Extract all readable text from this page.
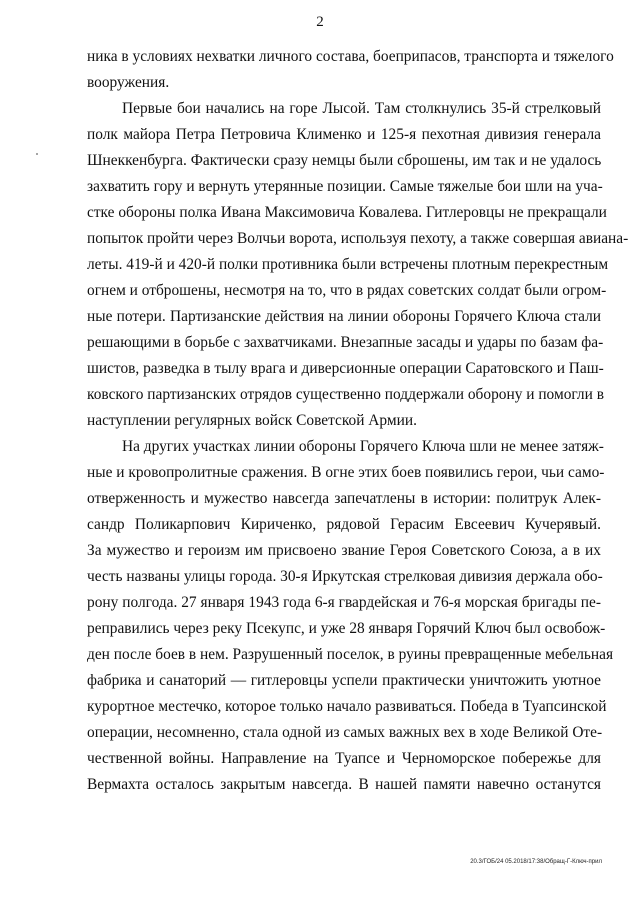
2
ника в условиях нехватки личного состава, боеприпасов, транспорта и тяжелого
вооружения.
Первые бои начались на горе Лысой. Там столкнулись 35-й стрелковый
полк майора Петра Петровича Клименко и 125-я пехотная дивизия генерала
Шнеккенбурга. Фактически сразу немцы были сброшены, им так и не удалось
захватить гору и вернуть утерянные позиции. Самые тяжелые бои шли на уча-
стке обороны полка Ивана Максимовича Ковалева. Гитлеровцы не прекращали
попыток пройти через Волчьи ворота, используя пехоту, а также совершая авиана-
леты. 419-й и 420-й полки противника были встречены плотным перекрестным
огнем и отброшены, несмотря на то, что в рядах советских солдат были огром-
ные потери. Партизанские действия на линии обороны Горячего Ключа стали
решающими в борьбе с захватчиками. Внезапные засады и удары по базам фа-
шистов, разведка в тылу врага и диверсионные операции Саратовского и Паш-
ковского партизанских отрядов существенно поддержали оборону и помогли в
наступлении регулярных войск Советской Армии.
На других участках линии обороны Горячего Ключа шли не менее затяж-
ные и кровопролитные сражения. В огне этих боев появились герои, чьи само-
отверженность и мужество навсегда запечатлены в истории: политрук Алек-
сандр Поликарпович Кириченко, рядовой Герасим Евсеевич Кучерявый.
За мужество и героизм им присвоено звание Героя Советского Союза, а в их
честь названы улицы города. 30-я Иркутская стрелковая дивизия держала обо-
рону полгода. 27 января 1943 года 6-я гвардейская и 76-я морская бригады пе-
реправились через реку Псекупс, и уже 28 января Горячий Ключ был освобож-
ден после боев в нем. Разрушенный поселок, в руины превращенные мебельная
фабрика и санаторий — гитлеровцы успели практически уничтожить уютное
курортное местечко, которое только начало развиваться. Победа в Туапсинской
операции, несомненно, стала одной из самых важных вех в ходе Великой Оте-
чественной войны. Направление на Туапсе и Черноморское побережье для
Вермахта осталось закрытым навсегда. В нашей памяти навечно останутся
20.3/ГОБ/24 05.2018/17:38/Обращ-Г-Ключ-прил
